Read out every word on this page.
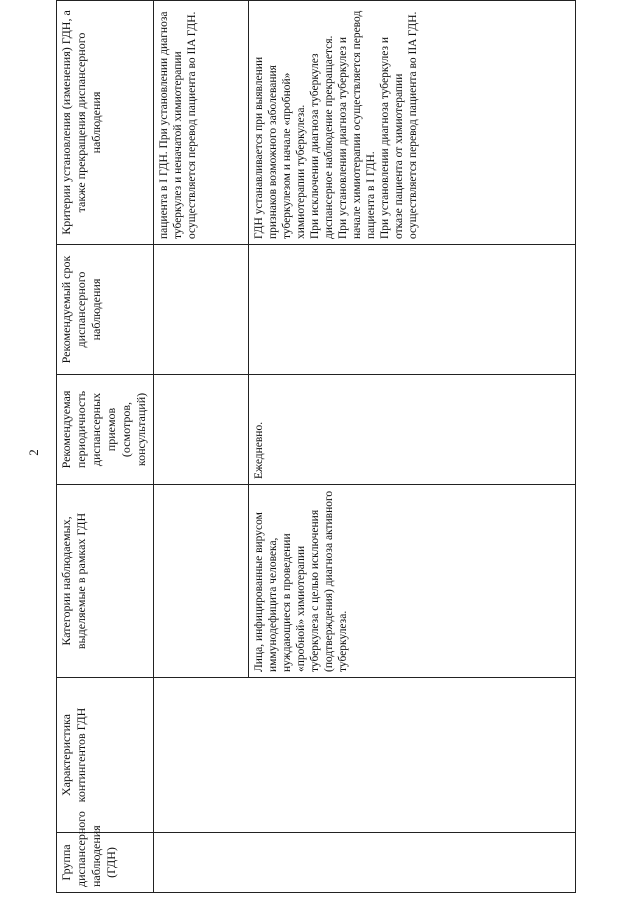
2
Группа диспансерного наблюдения (ГДН)	Характеристика контингентов ГДН	Категории наблюдаемых, выделяемые в рамках ГДН	Рекомендуемая периодичность диспансерных приемов (осмотров, консультаций)	Рекомендуемый срок диспансерного наблюдения	Критерии установления (изменения) ГДН, а также прекращения диспансерного наблюдения
					пациента в I ГДН. При установлении диагноза туберкулез и неначатой химиотерапии осуществляется перевод пациента во IIA ГДН.
		Лица, инфицированные вирусом иммунодефицита человека, нуждающиеся в проведении «пробной» химиотерапии туберкулеза с целью исключения (подтверждения) диагноза активного туберкулеза.	Ежедневно.		ГДН устанавливается при выявлении признаков возможного заболевания туберкулезом и начале «пробной» химиотерапии туберкулеза. При исключении диагноза туберкулез диспансерное наблюдение прекращается. При установлении диагноза туберкулез и начале химиотерапии осуществляется перевод пациента в I ГДН. При установлении диагноза туберкулез и отказе пациента от химиотерапии осуществляется перевод пациента во IIA ГДН.
